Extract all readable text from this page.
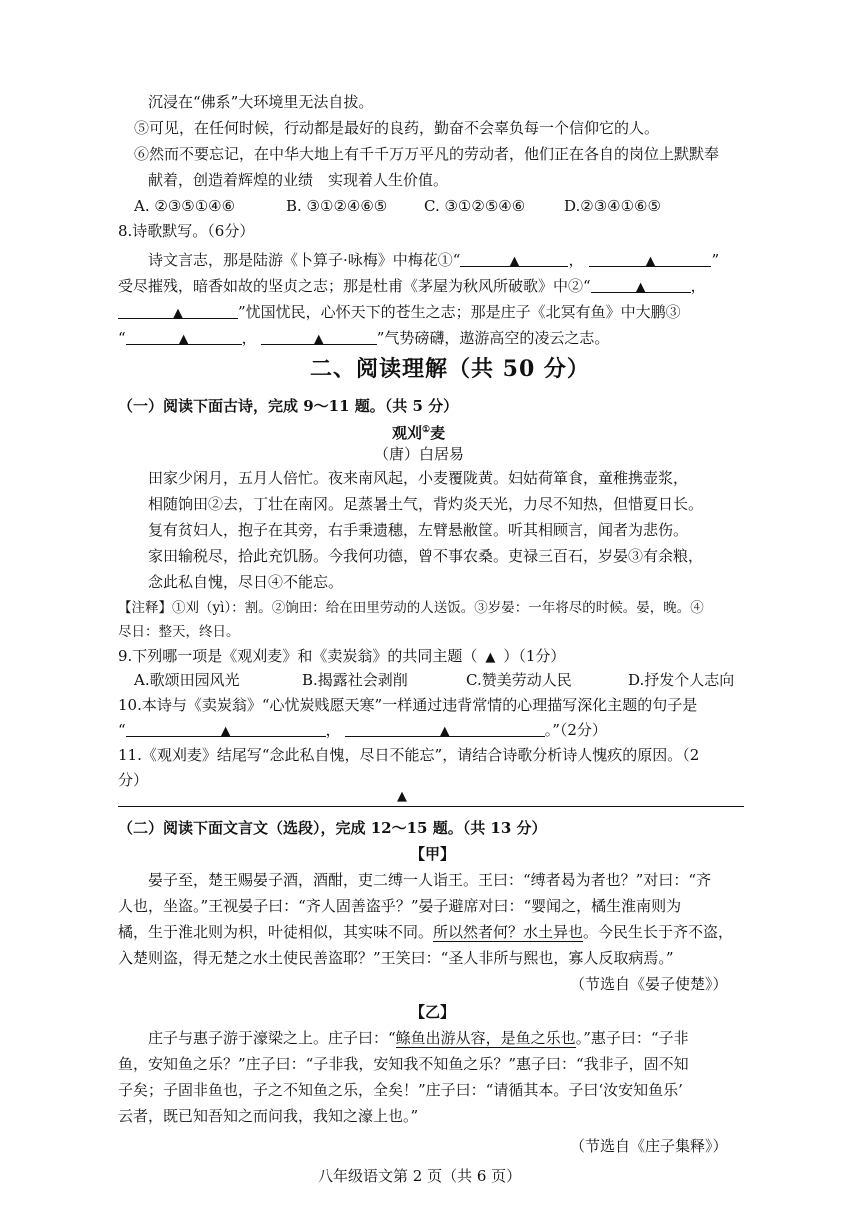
沉浸在“佛系”大环境里无法自拔。
⑤可见，在任何时候，行动都是最好的良药，勤奋不会辜负每一个信仰它的人。
⑥然而不要忘记，在中华大地上有千千万万平凡的劳动者，他们正在各自的岗位上默默奉
献着，创造着辉煌的业绩　实现着人生价值。
A. ②③⑤①④⑥	B. ③①②④⑥⑤ C. ③①②⑤④⑥	D.②③④①⑥⑤
8.诗歌默写。（6分）
诗文言志，那是陆游《卜算子·咏梅》中梅花①“	▲	，	▲	”
受尽摧残，暗香如故的坚贞之志；那是杜甫《茅屋为秋风所破歌》中②“	▲	，
▲	”忧国忧民，心怀天下的苍生之志；那是庄子《北冥有鱼》中大鹏③
“	▲	，	▲	”气势磅礴，遨游高空的凌云之志。
二、阅读理解（共 50 分）
（一）阅读下面古诗，完成 9～11 题。（共 5 分）
观刈①麦
（唐）白居易
田家少闲月，五月人倍忙。夜来南风起，小麦覆陇黄。妇姑荷箪食，童稚携壶浆，
相随饷田②去，丁壮在南冈。足蒸暑土气，背灼炎天光，力尽不知热，但惜夏日长。
复有贫妇人，抱子在其旁，右手秉遗穗，左臂悬敝筐。听其相顾言，闻者为悲伤。
家田输税尽，拾此充饥肠。今我何功德，曾不事农桑。吏禄三百石，岁晏③有余粮，
念此私自愧，尽日④不能忘。
【注释】①刈（yì）：割。②饷田：给在田里劳动的人送饭。③岁晏：一年将尽的时候。晏，晚。④
尽日：整天，终日。
9.下列哪一项是《观刈麦》和《卖炭翁》的共同主题（ ▲ ）（1分）
A.歌颂田园风光	B.揭露社会剥削	C.赞美劳动人民	D.抒发个人志向
10.本诗与《卖炭翁》“心忧炭贱愿天寒”一样通过违背常情的心理描写深化主题的句子是
“	▲	，	▲	。”（2分）
11.《观刈麦》结尾写“念此私自愧，尽日不能忘”，请结合诗歌分析诗人愧疚的原因。（2
分）
▲
（二）阅读下面文言文（选段），完成 12～15 题。（共 13 分）
【甲】
晏子至，楚王赐晏子酒，酒酣，吏二缚一人诣王。王曰：“缚者曷为者也？”对曰：“齐
人也，坐盗。”王视晏子曰：“齐人固善盗乎？”晏子避席对曰：“婴闻之，橘生淮南则为
橘，生于淮北则为枳，叶徒相似，其实味不同。所以然者何？水土异也。今民生长于齐不盗，
入楚则盗，得无楚之水土使民善盗耶？”王笑曰：“圣人非所与熙也，寡人反取病焉。”
（节选自《晏子使楚》）
【乙】
庄子与惠子游于濠梁之上。庄子曰：“鲦鱼出游从容，是鱼之乐也。”惠子曰：“子非
鱼，安知鱼之乐？”庄子曰：“子非我，安知我不知鱼之乐？”惠子曰：“我非子，固不知
子矣；子固非鱼也，子之不知鱼之乐，全矣！”庄子曰：“请循其本。子曰‘汝安知鱼乐’
云者，既已知吾知之而问我，我知之濠上也。”
（节选自《庄子集释》）
八年级语文第 2 页（共 6 页）
